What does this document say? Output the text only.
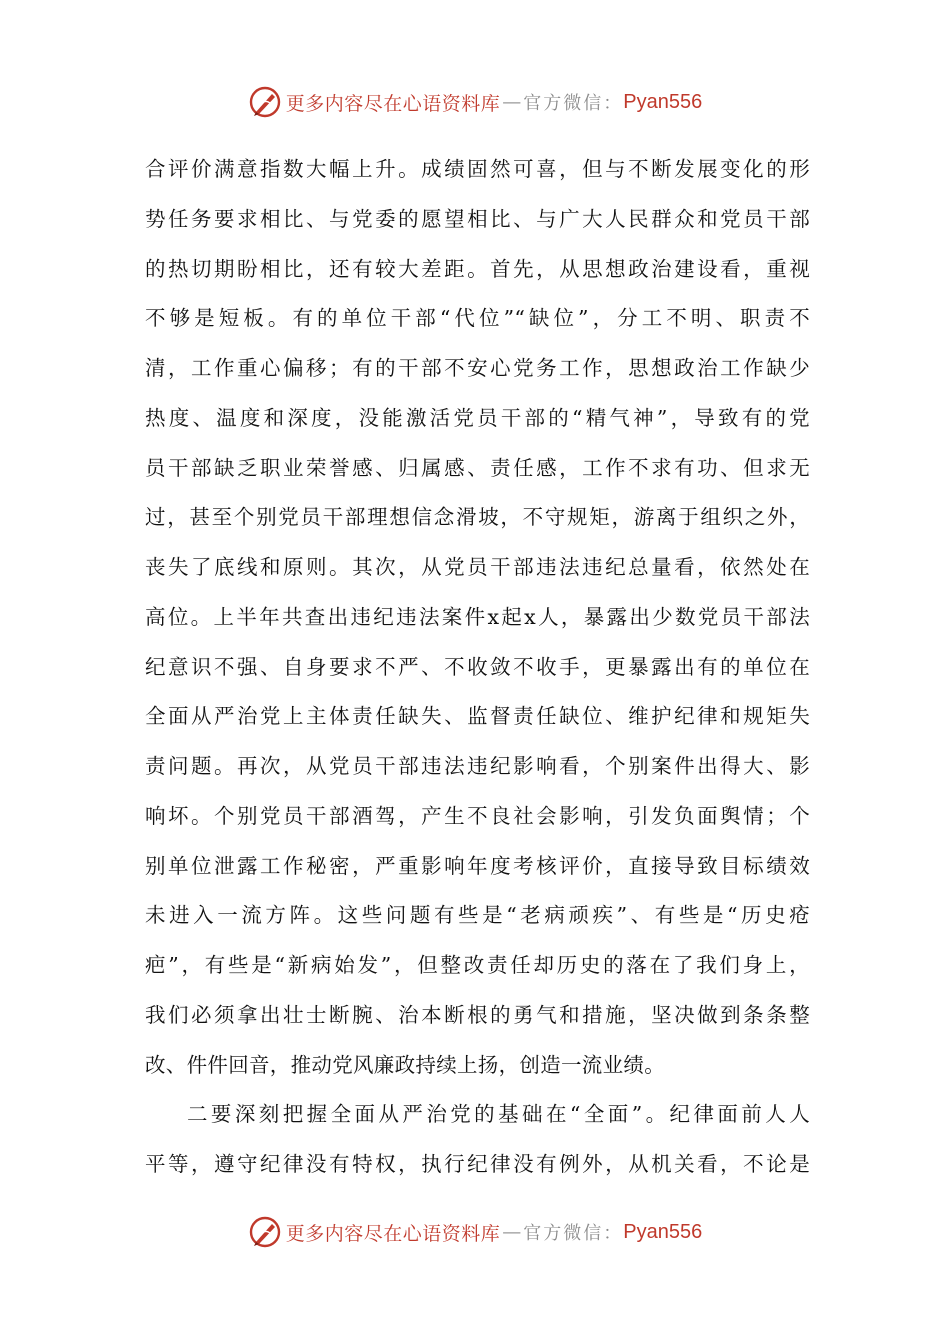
更多内容尽在心语资料库 — 官方微信： Pyan556
合评价满意指数大幅上升。成绩固然可喜，但与不断发展变化的形
势任务要求相比、与党委的愿望相比、与广大人民群众和党员干部
的热切期盼相比，还有较大差距。首先，从思想政治建设看，重视
不够是短板。有的单位干部“代位”“缺位”，分工不明、职责不
清，工作重心偏移；有的干部不安心党务工作，思想政治工作缺少
热度、温度和深度，没能激活党员干部的“精气神”，导致有的党
员干部缺乏职业荣誉感、归属感、责任感，工作不求有功、但求无
过，甚至个别党员干部理想信念滑坡，不守规矩，游离于组织之外，
丧失了底线和原则。其次，从党员干部违法违纪总量看，依然处在
高位。上半年共查出违纪违法案件x起x人，暴露出少数党员干部法
纪意识不强、自身要求不严、不收敛不收手，更暴露出有的单位在
全面从严治党上主体责任缺失、监督责任缺位、维护纪律和规矩失
责问题。再次，从党员干部违法违纪影响看，个别案件出得大、影
响坏。个别党员干部酒驾，产生不良社会影响，引发负面舆情；个
别单位泄露工作秘密，严重影响年度考核评价，直接导致目标绩效
未进入一流方阵。这些问题有些是“老病顽疾”、有些是“历史疮
疤”，有些是“新病始发”，但整改责任却历史的落在了我们身上，
我们必须拿出壮士断腕、治本断根的勇气和措施，坚决做到条条整
改、件件回音，推动党风廉政持续上扬，创造一流业绩。
二要深刻把握全面从严治党的基础在“全面”。纪律面前人人
平等，遵守纪律没有特权，执行纪律没有例外，从机关看，不论是
更多内容尽在心语资料库 — 官方微信： Pyan556
